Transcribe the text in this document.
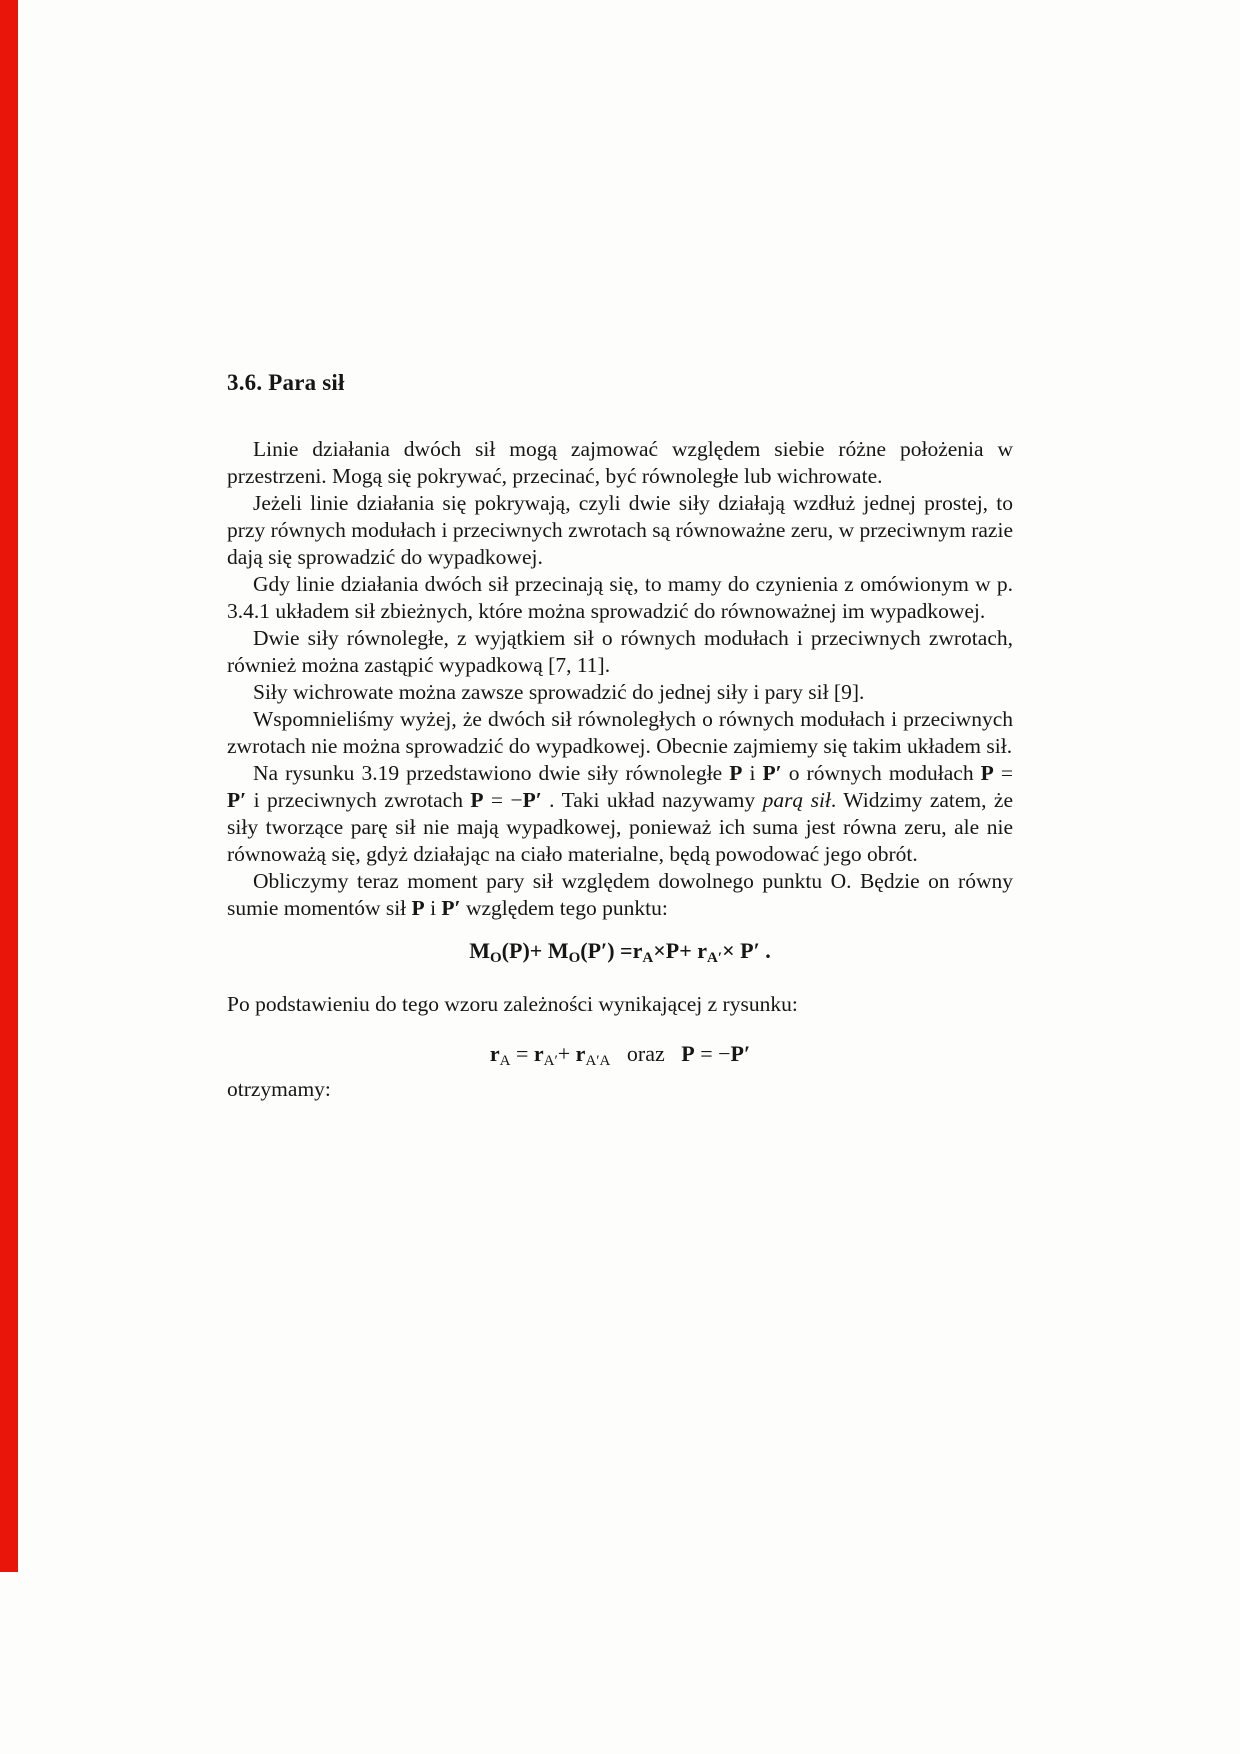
3.6. Para sił

Linie działania dwóch sił mogą zajmować względem siebie różne położenia w przestrzeni. Mogą się pokrywać, przecinać, być równoległe lub wichrowate.

Jeżeli linie działania się pokrywają, czyli dwie siły działają wzdłuż jednej prostej, to przy równych modułach i przeciwnych zwrotach są równoważne zeru, w przeciwnym razie dają się sprowadzić do wypadkowej.

Gdy linie działania dwóch sił przecinają się, to mamy do czynienia z omówionym w p. 3.4.1 układem sił zbieżnych, które można sprowadzić do równoważnej im wypadkowej.

Dwie siły równoległe, z wyjątkiem sił o równych modułach i przeciwnych zwrotach, również można zastąpić wypadkową [7, 11].

Siły wichrowate można zawsze sprowadzić do jednej siły i pary sił [9].

Wspomnieliśmy wyżej, że dwóch sił równoległych o równych modułach i przeciwnych zwrotach nie można sprowadzić do wypadkowej. Obecnie zajmiemy się takim układem sił.

Na rysunku 3.19 przedstawiono dwie siły równoległe P i P′ o równych modułach P = P′ i przeciwnych zwrotach P = −P′ . Taki układ nazywamy parą sił. Widzimy zatem, że siły tworzące parę sił nie mają wypadkowej, ponieważ ich suma jest równa zeru, ale nie równoważą się, gdyż działając na ciało materialne, będą powodować jego obrót.

Obliczymy teraz moment pary sił względem dowolnego punktu O. Będzie on równy sumie momentów sił P i P′ względem tego punktu:

$M_O(P)+ M_O(P') =r_A\times P+ r_{A'}\times P'$ .

Po podstawieniu do tego wzoru zależności wynikającej z rysunku:

$r_A = r_{A'}+ r_{A'A}$   oraz   P = −P′

otrzymamy:
